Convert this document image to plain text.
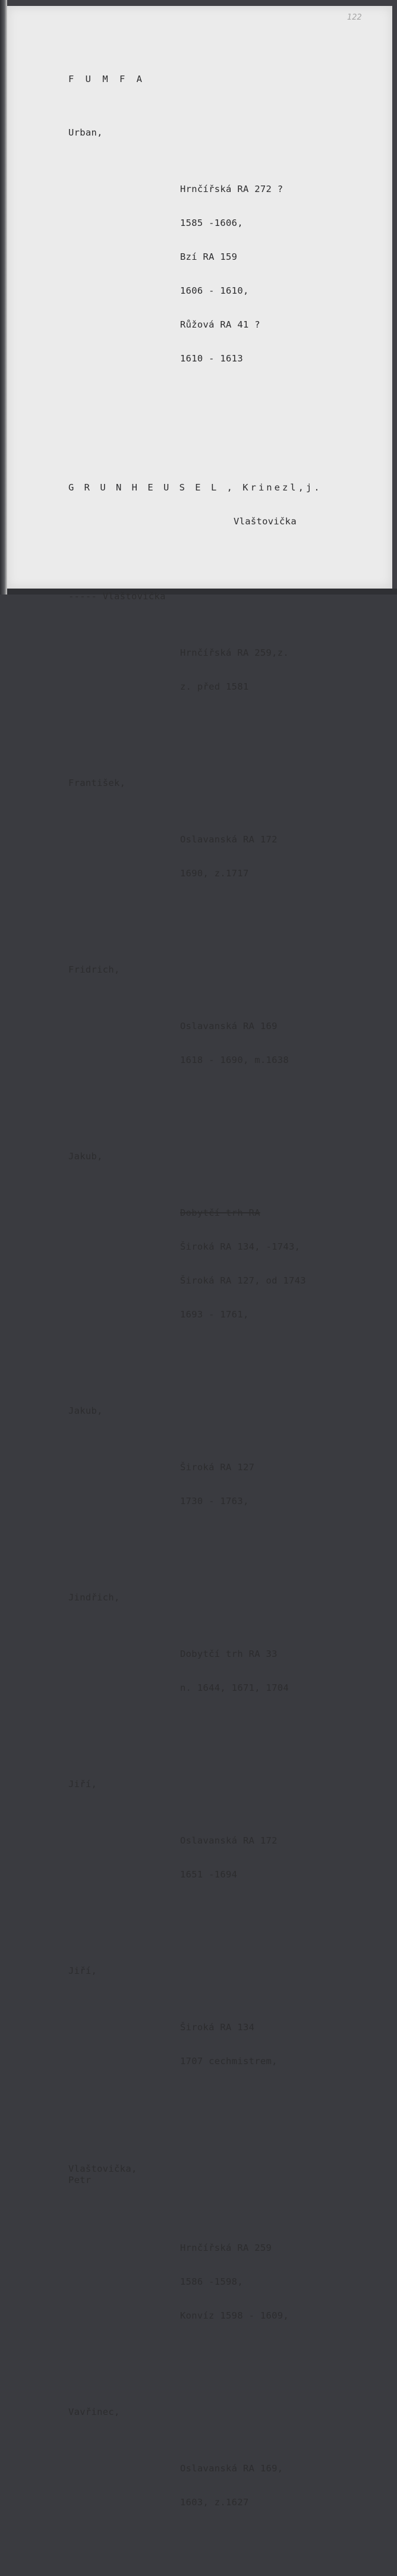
122

F U M F A

Urban,

Hrnčířská RA 272 ?

1585 -1606,

Bzí RA 159

1606 - 1610,

Růžová RA 41 ?

1610 - 1613

G R U N H E U S E L , Krinezl,j.

Vlaštovička

----- Vlaštovička

Hrnčířská RA 259,z.

z. před 1581

František,

Oslavanská RA 172

1690, z.1717

Fridrich,

Oslavanská RA 169

1618 - 1690, m.1638

Jakub,

Dobytčí trh RA

Široká RA 134, -1743,

Široká RA 127, od 1743

1693 - 1761,

Jakub,

Široká RA 127

1730 - 1763,

Jindřich,

Dobytčí trh RA 33

n. 1644, 1671, 1704

Jiří,

Oslavanská RA 172

1651 -1694

Jiří,

Široká RA 134

1707 cechmistrem,

Petr

Vlaštovička,

Hrnčířská RA 259

1586 -1598,

Konvíz 1598 - 1609,

Vavřinec,

Oslavanská RA 169,

1603, z.1627
